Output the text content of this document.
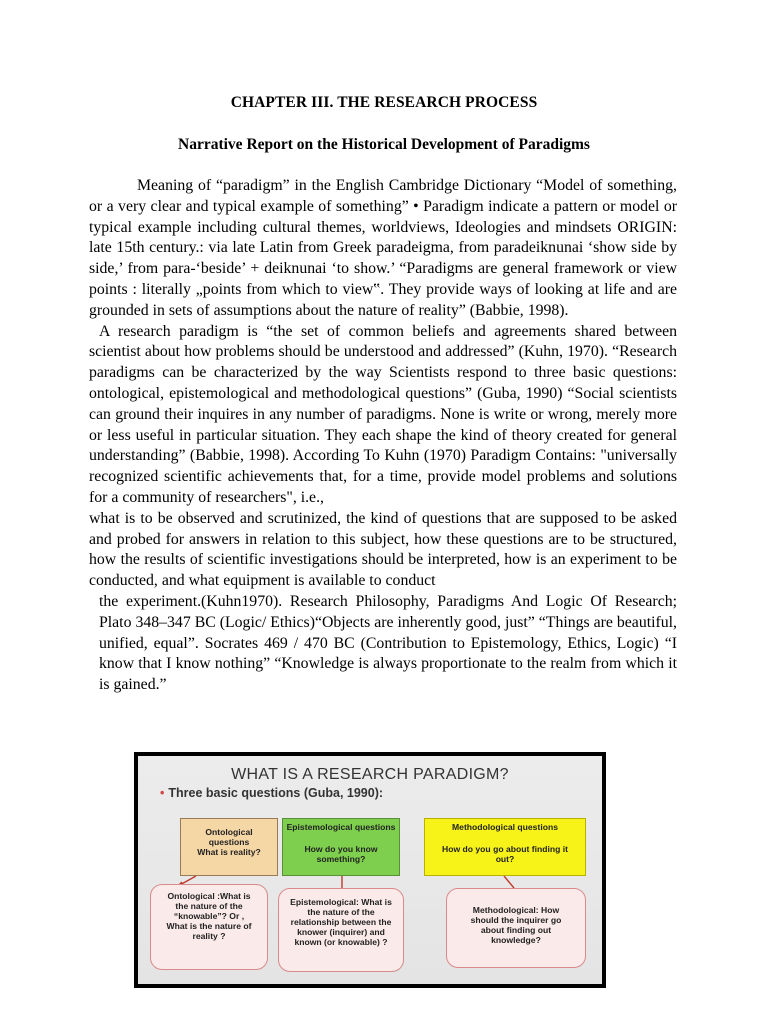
CHAPTER III. THE RESEARCH PROCESS
Narrative Report on the Historical Development of Paradigms

Meaning of “paradigm” in the English Cambridge Dictionary “Model of something, or a very clear and typical example of something” • Paradigm indicate a pattern or model or typical example including cultural themes, worldviews, Ideologies and mindsets ORIGIN: late 15th century.: via late Latin from Greek paradeigma, from paradeiknunai ‘show side by side,’ from para-‘beside’ + deiknunai ‘to show.’ “Paradigms are general framework or view points : literally „points from which to view‟. They provide ways of looking at life and are grounded in sets of assumptions about the nature of reality” (Babbie, 1998).

A research paradigm is “the set of common beliefs and agreements shared between scientist about how problems should be understood and addressed” (Kuhn, 1970). “Research paradigms can be characterized by the way Scientists respond to three basic questions: ontological, epistemological and methodological questions” (Guba, 1990) “Social scientists can ground their inquires in any number of paradigms. None is write or wrong, merely more or less useful in particular situation. They each shape the kind of theory created for general understanding” (Babbie, 1998). According To Kuhn (1970) Paradigm Contains: "universally recognized scientific achievements that, for a time, provide model problems and solutions for a community of researchers", i.e.,

what is to be observed and scrutinized, the kind of questions that are supposed to be asked and probed for answers in relation to this subject, how these questions are to be structured, how the results of scientific investigations should be interpreted, how is an experiment to be conducted, and what equipment is available to conduct
the experiment.(Kuhn1970). Research Philosophy, Paradigms And Logic Of Research; Plato 348–347 BC (Logic/ Ethics)“Objects are inherently good, just” “Things are beautiful, unified, equal”. Socrates 469 / 470 BC (Contribution to Epistemology, Ethics, Logic) “I know that I know nothing” “Knowledge is always proportionate to the realm from which it is gained.”

WHAT IS A RESEARCH PARADIGM?
• Three basic questions (Guba, 1990):
Ontological
questions
What is reality?
Epistemological questions
How do you know
something?
Methodological questions
How do you go about finding it
out?
Ontological :What is
the nature of the
“knowable”? Or ,
What is the nature of
reality ?
Epistemological: What is
the nature of the
relationship between the
knower (inquirer) and
known (or knowable) ?
Methodological: How
should the inquirer go
about finding out
knowledge?
